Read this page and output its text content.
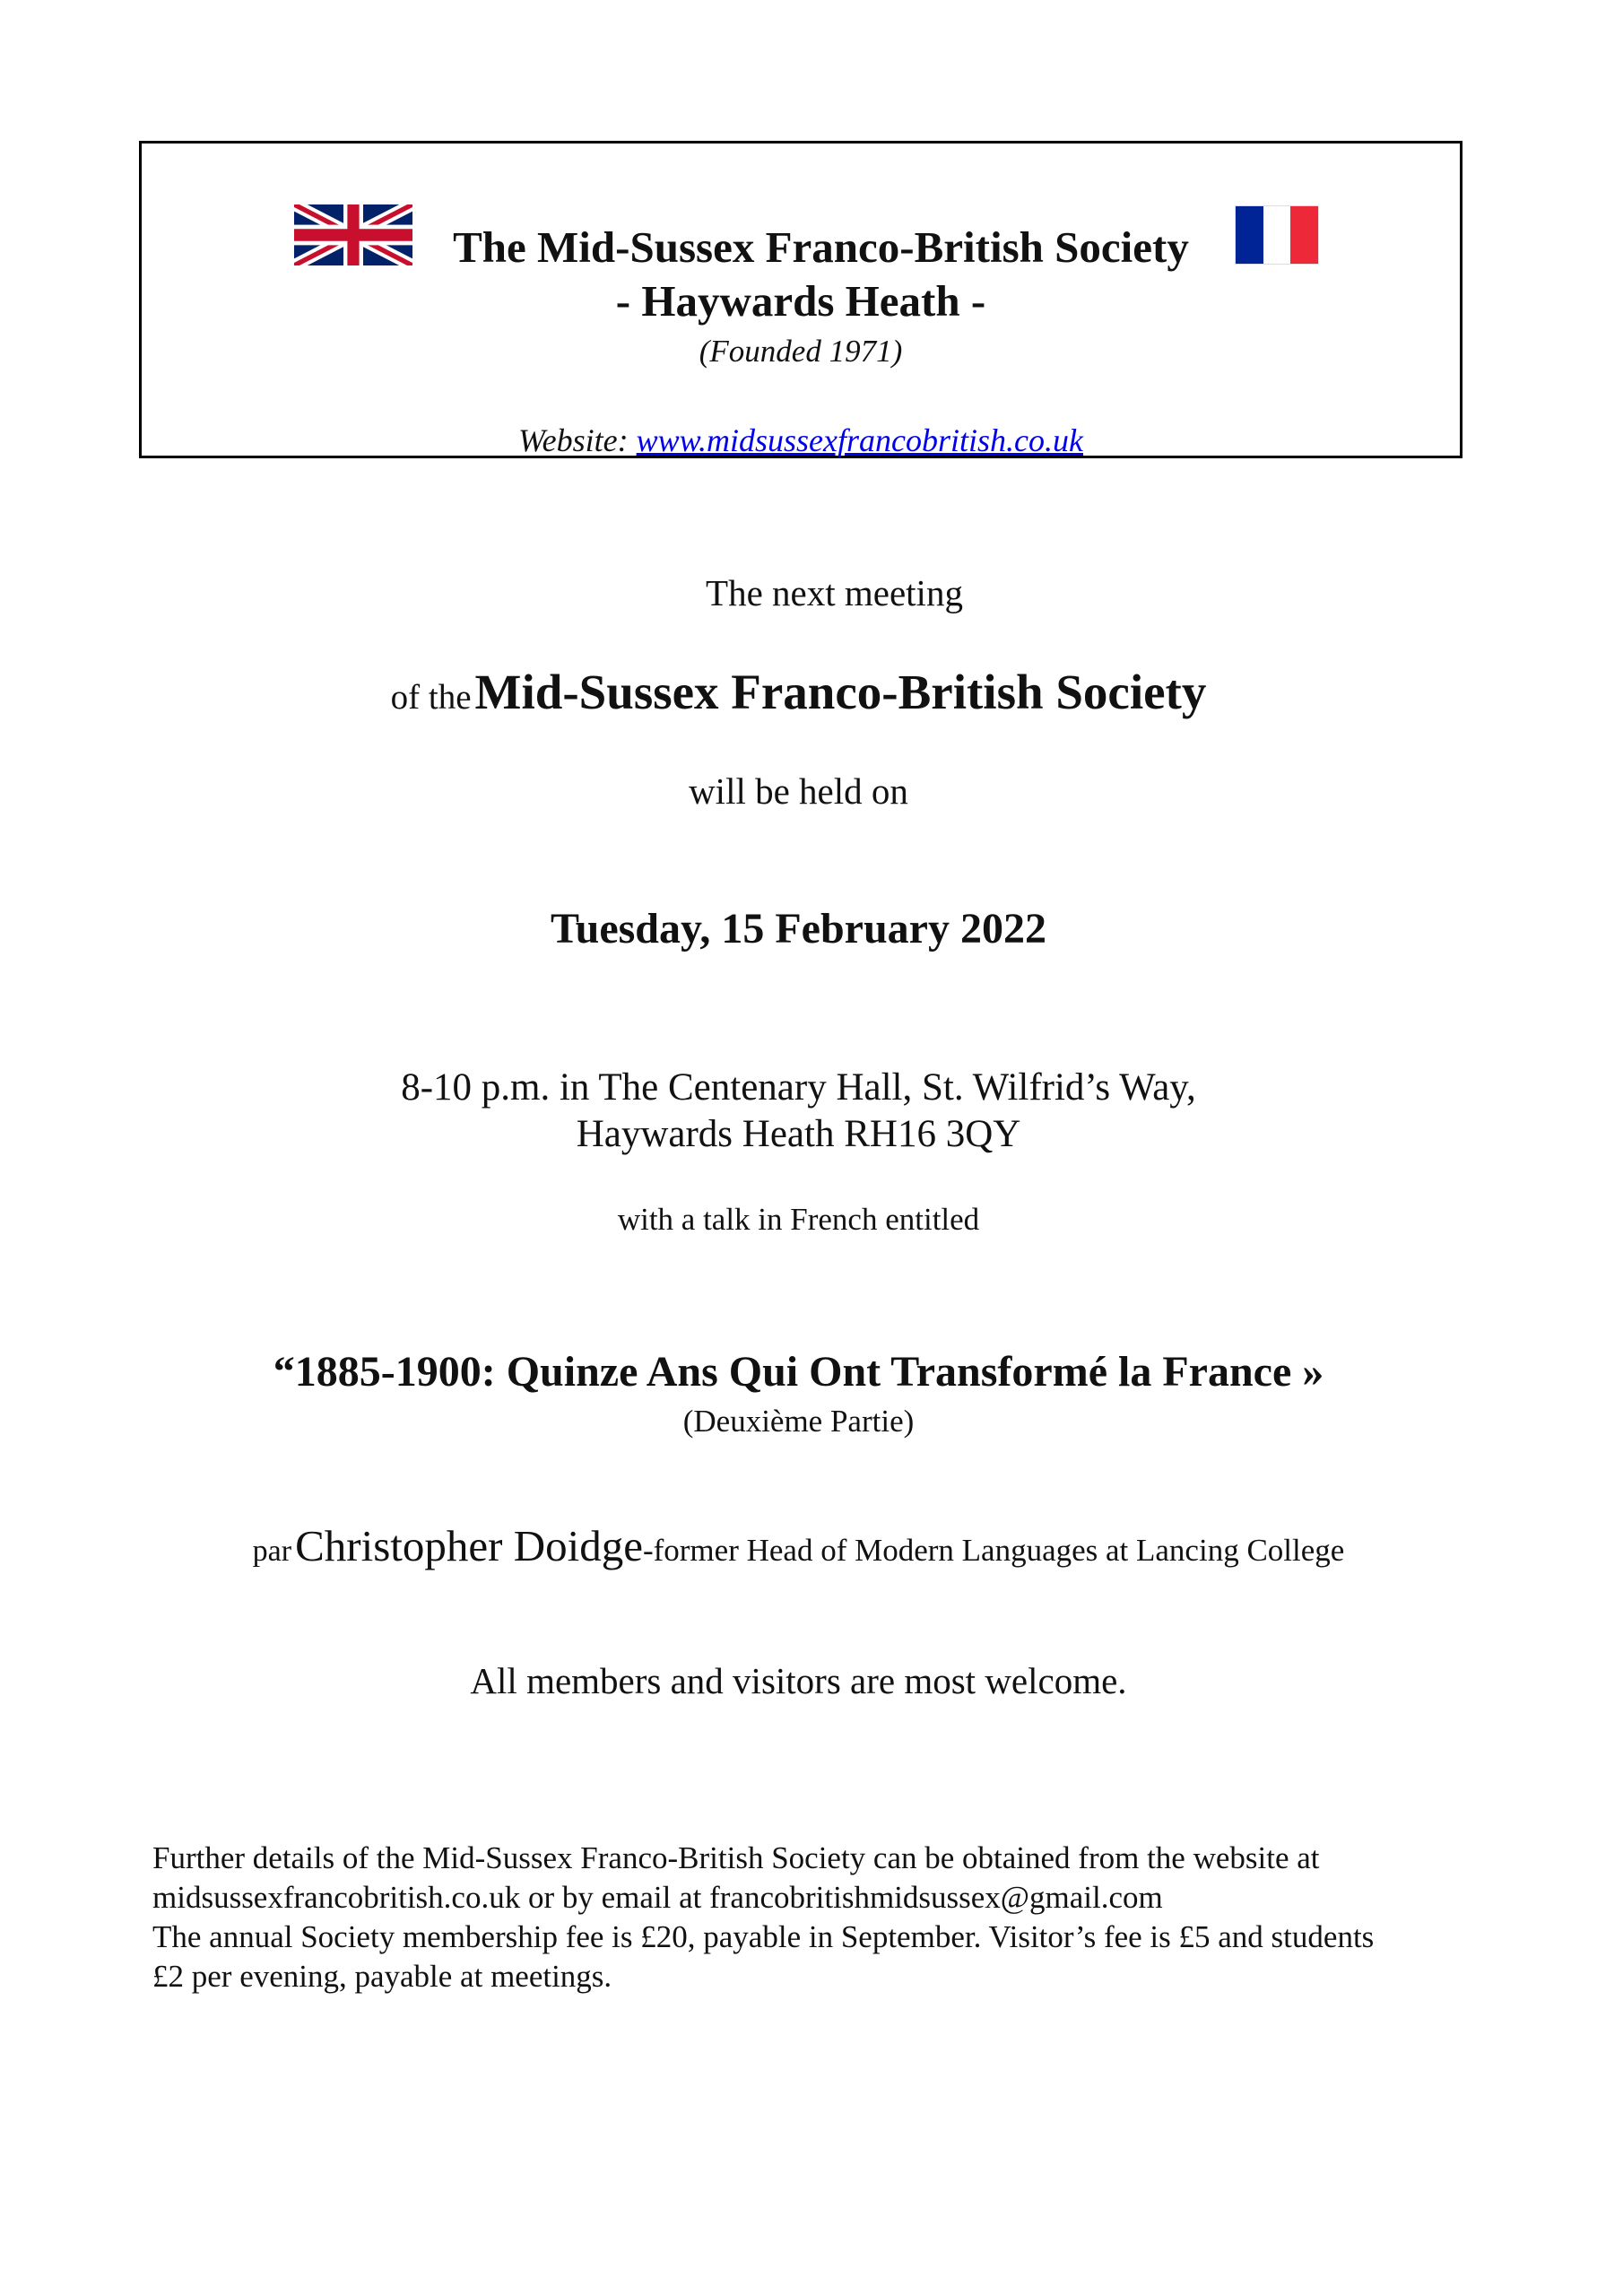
The Mid-Sussex Franco-British Society
- Haywards Heath -
(Founded 1971)
Website: www.midsussexfrancobritish.co.uk
The next meeting
of the Mid-Sussex Franco-British Society
will be held on
Tuesday, 15 February 2022
8-10 p.m. in The Centenary Hall, St. Wilfrid’s Way,
Haywards Heath RH16 3QY
with a talk in French entitled
“1885-1900: Quinze Ans Qui Ont Transformé la France »
(Deuxième Partie)
par Christopher Doidge-former Head of Modern Languages at Lancing College
All members and visitors are most welcome.

Further details of the Mid-Sussex Franco-British Society can be obtained from the website at

midsussexfrancobritish.co.uk or by email at francobritishmidsussex@gmail.com

The annual Society membership fee is £20, payable in September. Visitor’s fee is £5 and students

£2 per evening, payable at meetings.
